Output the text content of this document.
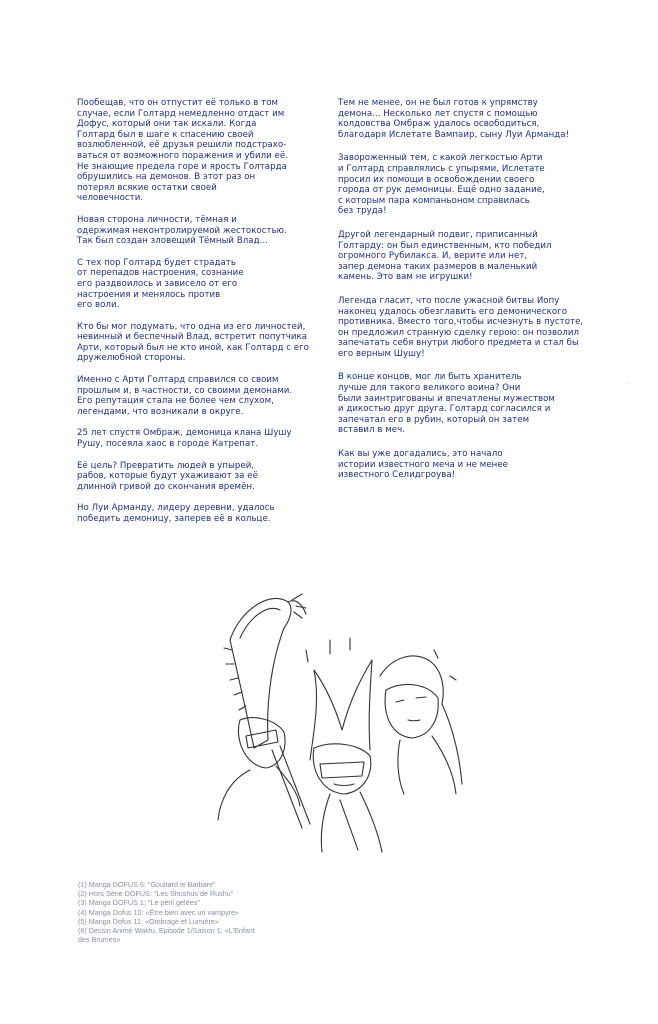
Пообещав, что он отпустит её только в том
случае, если Голтард немедленно отдаст им
Дофус, который они так искали. Когда
Голтард был в шаге к спасению своей
возлюбленной, её друзья решили подстрахо-
ваться от возможного поражения и убили её.
Не знающие предела горе и ярость Голтарда
обрушились на демонов. В этот раз он
потерял всякие остатки своей
человечности.

Новая сторона личности, тёмная и
одержимая неконтролируемой жестокостью.
Так был создан зловещий Тёмный Влад...

С тех пор Голтард будет страдать
от перепадов настроения, сознание
его раздвоилось и зависело от его
настроения и менялось против
его воли.

Кто бы мог подумать, что одна из его личностей,
невинный и беспечный Влад, встретит попутчика
Арти, который был не кто иной, как Голтард с его
дружелюбной стороны.

Именно с Арти Голтард справился со своим
прошлым и, в частности, со своими демонами.
Его репутация стала не более чем слухом,
легендами, что возникали в округе.

25 лет спустя Омбраж, демоница клана Шушу
Рушу, посеяла хаос в городе Катрепат.

Её цель? Превратить людей в упырей,
рабов, которые будут ухаживают за её
длинной гривой до скончания времён.

Но Луи Арманду, лидеру деревни, удалось
победить демоницу, заперев её в кольце.

Тем не менее, он не был готов к упрямству
демона... Несколько лет спустя с помощью
колдовства Омбраж удалось освободиться,
благодаря Ислетате Вампаир, сыну Луи Арманда!

Завороженный тем, с какой легкостью Арти
и Голтард справлялись с упырями, Ислетате
просил их помощи в освобождении своего
города от рук демоницы. Ещё одно задание,
с которым пара компаньоном справилась
без труда!

Другой легендарный подвиг, приписанный
Голтарду: он был единственным, кто победил
огромного Рубилакса. И, верите или нет,
запер демона таких размеров в маленький
камень. Это вам не игрушки!

Легенда гласит, что после ужасной битвы Иопу
наконец удалось обезглавить его демонического
противника. Вместо того,чтобы исчезнуть в пустоте,
он предложил странную сделку герою: он позволил
запечатать себя внутри любого предмета и стал бы
его верным Шушу!

В конце концов, мог ли быть хранитель
лучше для такого великого воина? Они
были заинтригованы и впечатлены мужеством
и дикостью друг друга. Голтард согласился и
запечатал его в рубин, который он затем
вставил в меч.

Как вы уже догадались, это начало
истории известного меча и не менее
известного Селидгроува!

(1) Manga DOFUS 6: "Goultard le Barbare"

(2) Hors Série DOFUS: "Les Shushus de Rushu"

(3) Manga DOFUS 1: "Le péril gelées"

(4) Manga Dofus 10: «Être bien avec un vampyre»

(5) Manga Dofus 11: «Ombrage et Lumière»

(6) Dessin Animé Wakfu, Episode 1/Saison 1: «L'Enfant
des Brumes»
